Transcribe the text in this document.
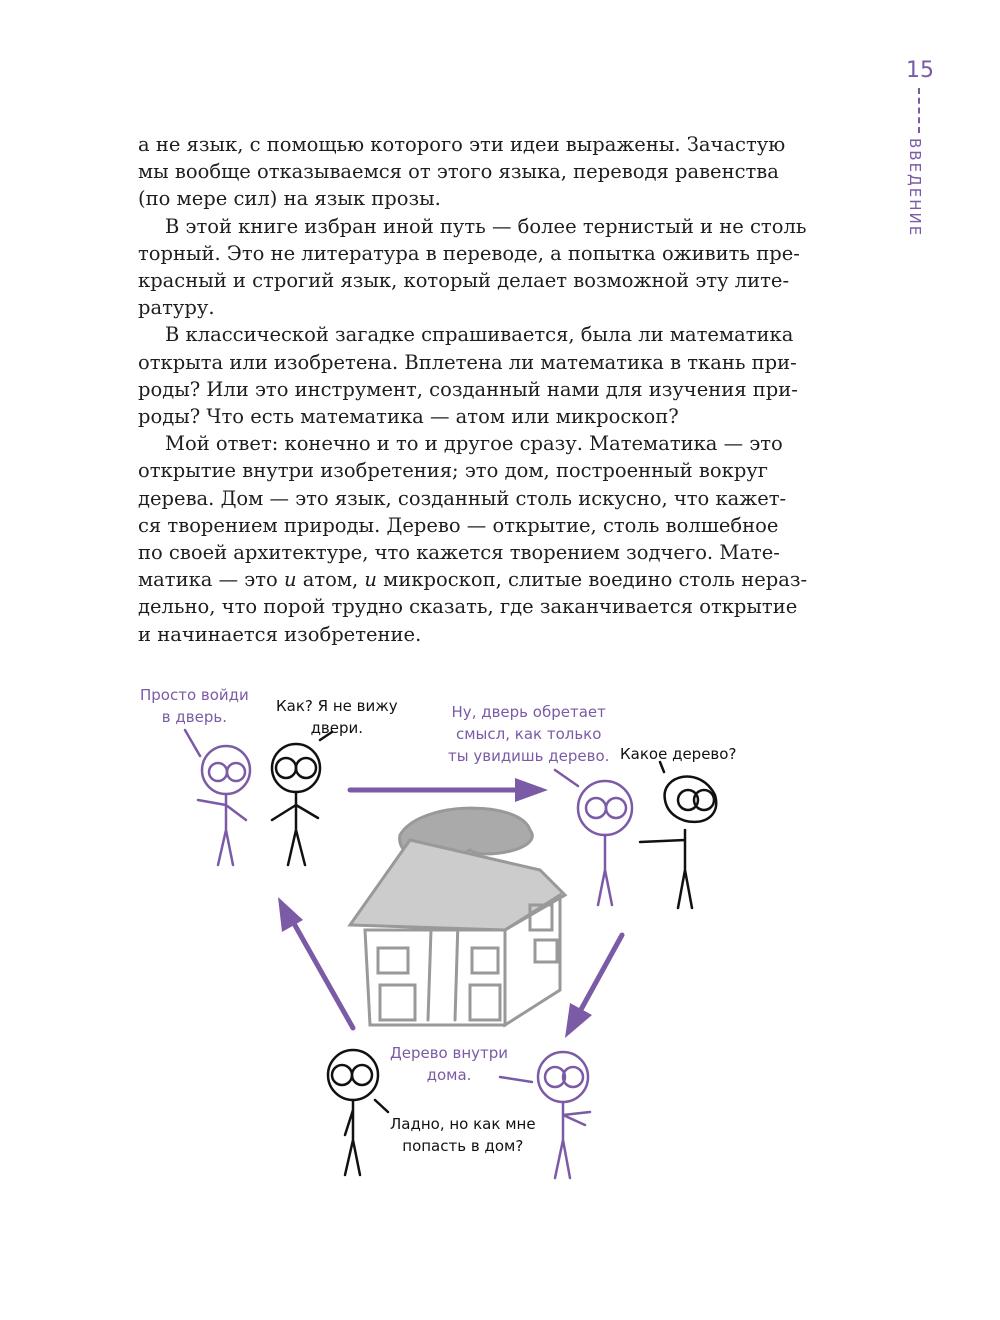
15
ВВЕДЕНИЕ
а не язык, с помощью которого эти идеи выражены. Зачастую
мы вообще отказываемся от этого языка, переводя равенства
(по мере сил) на язык прозы.
В этой книге избран иной путь — более тернистый и не столь
торный. Это не литература в переводе, а попытка оживить пре-
красный и строгий язык, который делает возможной эту лите-
ратуру.
В классической загадке спрашивается, была ли математика
открыта или изобретена. Вплетена ли математика в ткань при-
роды? Или это инструмент, созданный нами для изучения при-
роды? Что есть математика — атом или микроскоп?
Мой ответ: конечно и то и другое сразу. Математика — это
открытие внутри изобретения; это дом, построенный вокруг
дерева. Дом — это язык, созданный столь искусно, что кажет-
ся творением природы. Дерево — открытие, столь волшебное
по своей архитектуре, что кажется творением зодчего. Мате-
матика — это и атом, и микроскоп, слитые воедино столь нераз-
дельно, что порой трудно сказать, где заканчивается открытие
и начинается изобретение.
Просто войди
в дверь.
Как? Я не вижу
двери.
Ну, дверь обретает
смысл, как только
ты увидишь дерево. Какое дерево?
Дерево внутри
дома.
Ладно, но как мне
попасть в дом?
